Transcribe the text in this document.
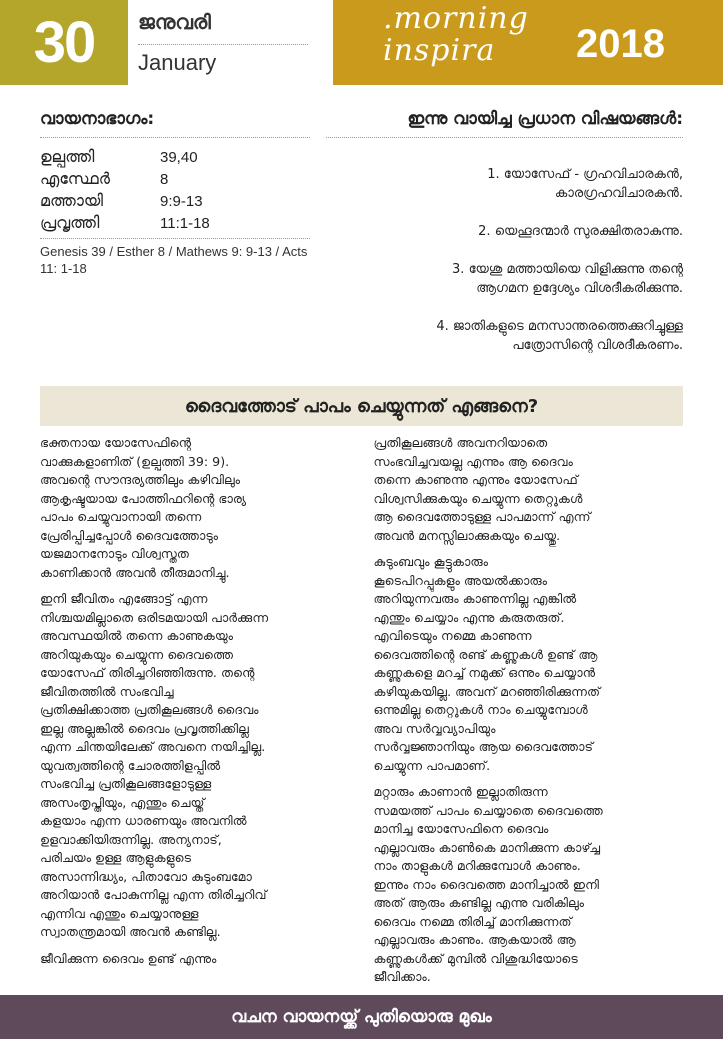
30	ജനുവരി
January
.morning
inspira	2018
വായനാഭാഗം:
ഉല്പത്തി	39,40
എസ്ഥേർ	8
മത്തായി	9:9-13
പ്രവൃത്തി	11:1-18
Genesis 39 / Esther 8 / Mathews 9: 9-13 / Acts 11: 1-18
ഇന്നു വായിച്ച പ്രധാന വിഷയങ്ങൾ:

1. യോസേഫ് - ഗ്രഹവിചാരകൻ,
കാരഗ്രഹവിചാരകൻ.

2. യെഹൂദന്മാർ സുരക്ഷിതരാകുന്നു.

3. യേശു മത്തായിയെ വിളിക്കുന്നു തന്റെ
ആഗമന ഉദ്ദേശ്യം വിശദീകരിക്കുന്നു.

4. ജാതികളുടെ മനസാന്തരത്തെക്കുറിച്ചുള്ള
പത്രോസിന്റെ വിശദീകരണം.

ദൈവത്തോട് പാപം ചെയ്യുന്നത് എങ്ങനെ?

ഭക്തനായ യോസേഫിന്റെ
വാക്കുകളാണിത് (ഉല്പത്തി 39: 9).
അവന്റെ സൗന്ദര്യത്തിലും കഴിവിലും
ആകൃഷ്ടയായ പോത്തിഫറിന്റെ ഭാര്യ
പാപം ചെയ്യുവാനായി തന്നെ
പ്രേരിപ്പിച്ചപ്പോൾ ദൈവത്തോടും
യജമാനനോടും വിശ്വസ്തത
കാണിക്കാൻ അവൻ തീരുമാനിച്ചു.

ഇനി ജീവിതം എങ്ങോട്ട് എന്ന
നിശ്ചയമില്ലാതെ ഒരിടമയായി പാർക്കുന്ന
അവസ്ഥയിൽ തന്നെ കാണുകയും
അറിയുകയും ചെയ്യുന്ന ദൈവത്തെ
യോസേഫ് തിരിച്ചറിഞ്ഞിരുന്നു. തന്റെ
ജീവിതത്തിൽ സംഭവിച്ച
പ്രതിക്ഷിക്കാത്ത പ്രതികൂലങ്ങൾ ദൈവം
ഇല്ല അല്ലങ്കിൽ ദൈവം പ്രവൃത്തിക്കില്ല
എന്ന ചിന്തയിലേക്ക് അവനെ നയിച്ചില്ല.
യുവത്വത്തിന്റെ ചോരത്തിളപ്പിൽ
സംഭവിച്ച പ്രതികൂലങ്ങളോടുള്ള
അസംതൃപ്തിയും, എന്തും ചെയ്ത്
കളയാം എന്ന ധാരണയും അവനിൽ
ഉളവാക്കിയിരുന്നില്ല. അന്യനാട്,
പരിചയം ഉള്ള ആളുകളുടെ
അസാന്നിദ്ധ്യം, പിതാവോ കുടുംബമോ
അറിയാൻ പോകുന്നില്ല എന്ന തിരിച്ചറിവ്
എന്നിവ എന്തും ചെയ്യാനുള്ള
സ്വാതന്ത്രമായി അവൻ കണ്ടില്ല.

ജീവിക്കുന്ന ദൈവം ഉണ്ട് എന്നും

പ്രതികൂലങ്ങൾ അവനറിയാതെ
സംഭവിച്ചവയല്ല എന്നും ആ ദൈവം
തന്നെ കാണുന്നു എന്നും യോസേഫ്
വിശ്വസിക്കുകയും ചെയ്യുന്ന തെറ്റുകൾ
ആ ദൈവത്തോടുള്ള പാപമാന്ന് എന്ന്
അവൻ മനസ്സിലാക്കുകയും ചെയ്തു.

കുടുംബവും കൂട്ടുകാരും
കൂടെപിറപ്പുകളും അയൽക്കാരും
അറിയുന്നവരും കാണുന്നില്ല എങ്കിൽ
എന്തും ചെയ്യാം എന്നു കരുതരുത്.
എവിടെയും നമ്മെ കാണുന്ന
ദൈവത്തിന്റെ രണ്ട് കണ്ണുകൾ ഉണ്ട് ആ
കണ്ണുകളെ മറച്ച് നമുക്ക് ഒന്നും ചെയ്യാൻ
കഴിയുകയില്ല. അവന് മറഞ്ഞിരിക്കുന്നത്
ഒന്നുമില്ല തെറ്റുകൾ നാം ചെയ്യുമ്പോൾ
അവ സർവ്വവ്യാപിയും
സർവ്വജ്ഞാനിയും ആയ ദൈവത്തോട്
ചെയ്യുന്ന പാപമാണ്.

മറ്റാരും കാണാൻ ഇല്ലാതിരുന്ന
സമയത്ത് പാപം ചെയ്യാതെ ദൈവത്തെ
മാനിച്ച യോസേഫിനെ ദൈവം
എല്ലാവരും കാൺകെ മാനിക്കുന്ന കാഴ്ച്ച
നാം താളുകൾ മറിക്കുമ്പോൾ കാണും.
ഇന്നും നാം ദൈവത്തെ മാനിച്ചാൽ ഇനി
അത് ആരും കണ്ടില്ല എന്നു വരികിലും
ദൈവം നമ്മെ തിരിച്ച് മാനിക്കുന്നത്
എല്ലാവരും കാണും. ആകയാൽ ആ
കണ്ണുകൾക്ക് മുമ്പിൽ വിശുദ്ധിയോടെ
ജീവിക്കാം.

വചന വായനയ്ക്ക് പുതിയൊരു മുഖം
